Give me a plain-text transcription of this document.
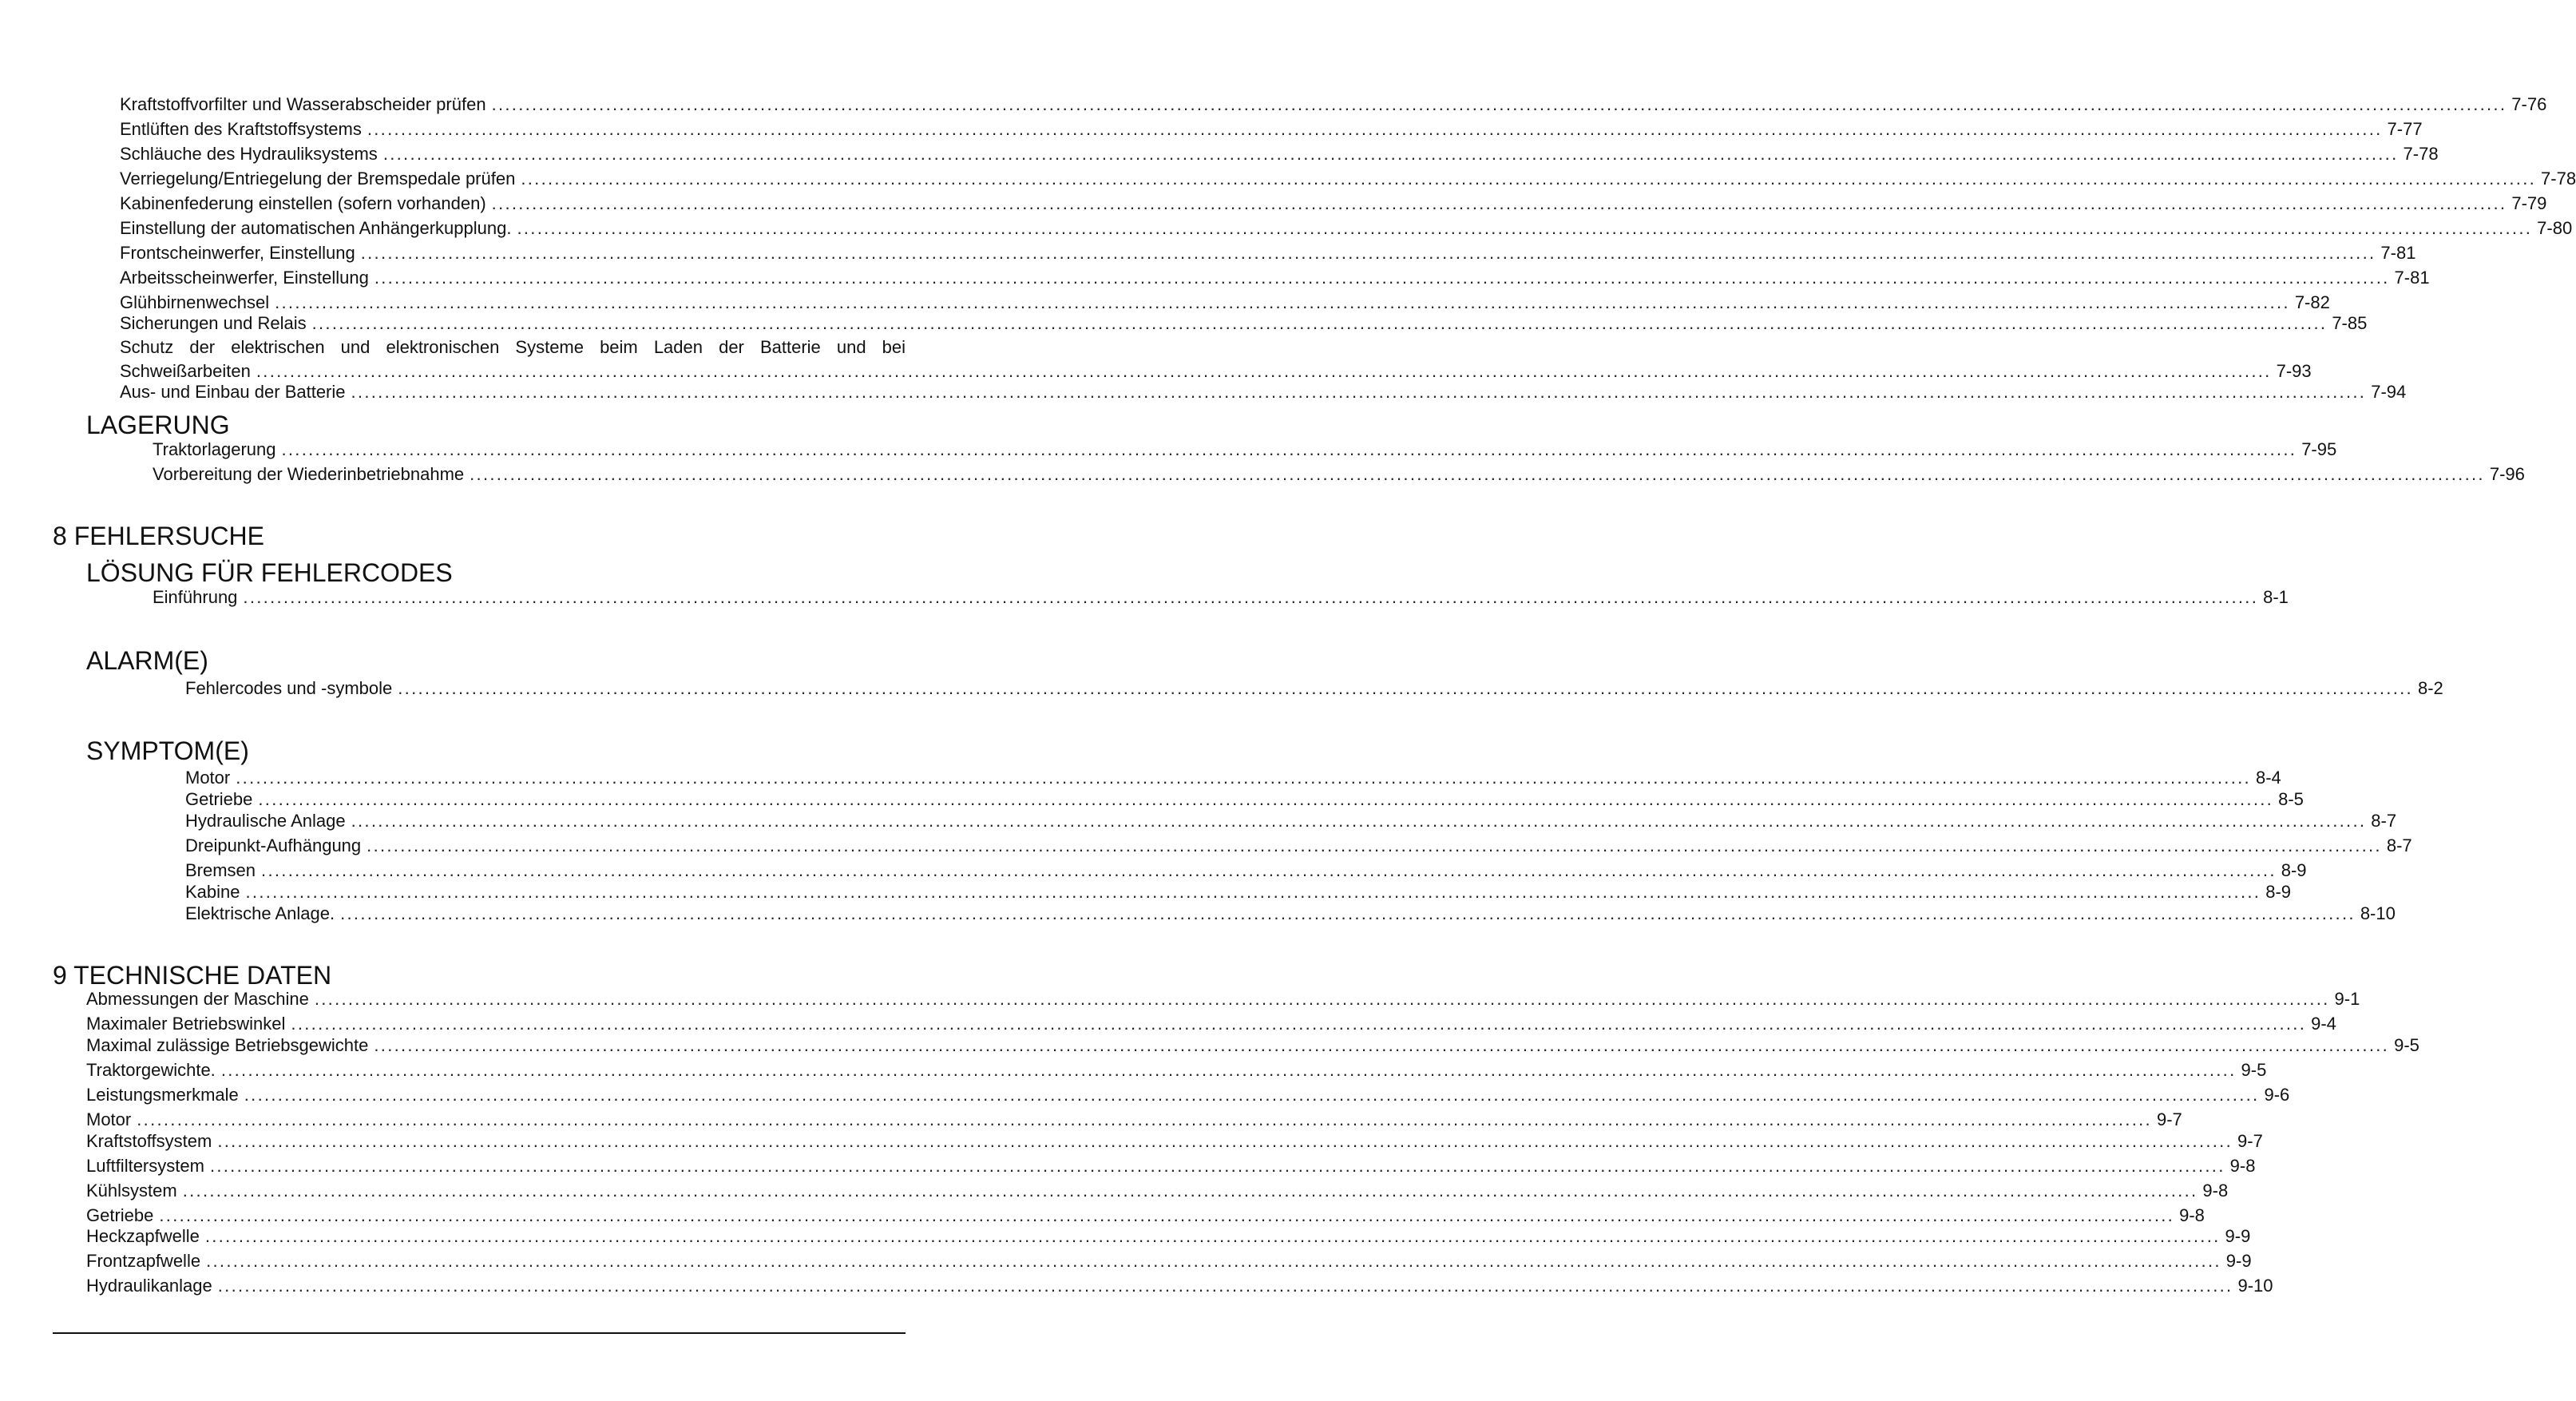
Kraftstoffvorfilter und Wasserabscheider prüfen ............................................................................................................................................................................................................................................................................................................ 7-76
Entlüften des Kraftstoffsystems ............................................................................................................................................................................................................................................................................................................ 7-77
Schläuche des Hydrauliksystems ............................................................................................................................................................................................................................................................................................................ 7-78
Verriegelung/Entriegelung der Bremspedale prüfen ............................................................................................................................................................................................................................................................................................................ 7-78
Kabinenfederung einstellen (sofern vorhanden) ............................................................................................................................................................................................................................................................................................................ 7-79
Einstellung der automatischen Anhängerkupplung. ............................................................................................................................................................................................................................................................................................................ 7-80
Frontscheinwerfer, Einstellung ............................................................................................................................................................................................................................................................................................................ 7-81
Arbeitsscheinwerfer, Einstellung ............................................................................................................................................................................................................................................................................................................ 7-81
Glühbirnenwechsel ............................................................................................................................................................................................................................................................................................................ 7-82
Sicherungen und Relais ............................................................................................................................................................................................................................................................................................................ 7-85
Schutz der elektrischen und elektronischen Systeme beim Laden der Batterie und bei
Schweißarbeiten ............................................................................................................................................................................................................................................................................................................ 7-93
Aus- und Einbau der Batterie ............................................................................................................................................................................................................................................................................................................ 7-94
LAGERUNG
Traktorlagerung ............................................................................................................................................................................................................................................................................................................ 7-95
Vorbereitung der Wiederinbetriebnahme ............................................................................................................................................................................................................................................................................................................ 7-96
8 FEHLERSUCHE
LÖSUNG FÜR FEHLERCODES
Einführung ............................................................................................................................................................................................................................................................................................................ 8-1
ALARM(E)
Fehlercodes und -symbole ............................................................................................................................................................................................................................................................................................................ 8-2
SYMPTOM(E)
Motor ............................................................................................................................................................................................................................................................................................................ 8-4
Getriebe ............................................................................................................................................................................................................................................................................................................ 8-5
Hydraulische Anlage ............................................................................................................................................................................................................................................................................................................ 8-7
Dreipunkt-Aufhängung ............................................................................................................................................................................................................................................................................................................ 8-7
Bremsen ............................................................................................................................................................................................................................................................................................................ 8-9
Kabine ............................................................................................................................................................................................................................................................................................................ 8-9
Elektrische Anlage. ............................................................................................................................................................................................................................................................................................................ 8-10
9 TECHNISCHE DATEN
Abmessungen der Maschine ............................................................................................................................................................................................................................................................................................................ 9-1
Maximaler Betriebswinkel ............................................................................................................................................................................................................................................................................................................ 9-4
Maximal zulässige Betriebsgewichte ............................................................................................................................................................................................................................................................................................................ 9-5
Traktorgewichte. ............................................................................................................................................................................................................................................................................................................ 9-5
Leistungsmerkmale ............................................................................................................................................................................................................................................................................................................ 9-6
Motor ............................................................................................................................................................................................................................................................................................................ 9-7
Kraftstoffsystem ............................................................................................................................................................................................................................................................................................................ 9-7
Luftfiltersystem ............................................................................................................................................................................................................................................................................................................ 9-8
Kühlsystem ............................................................................................................................................................................................................................................................................................................ 9-8
Getriebe ............................................................................................................................................................................................................................................................................................................ 9-8
Heckzapfwelle ............................................................................................................................................................................................................................................................................................................ 9-9
Frontzapfwelle ............................................................................................................................................................................................................................................................................................................ 9-9
Hydraulikanlage ............................................................................................................................................................................................................................................................................................................ 9-10
